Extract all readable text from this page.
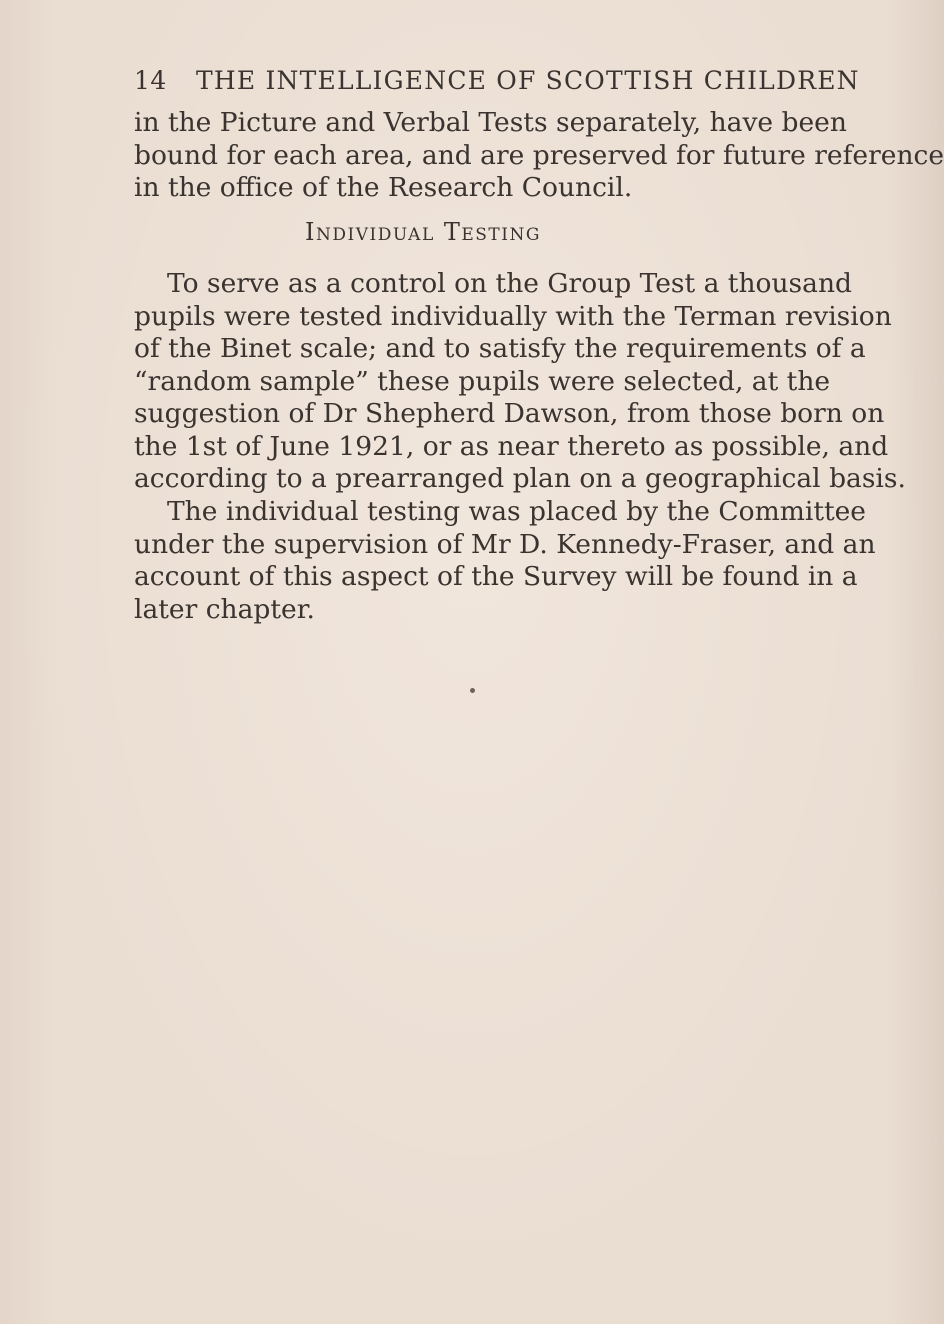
14	THE INTELLIGENCE OF SCOTTISH CHILDREN
in the Picture and Verbal Tests separately, have been
bound for each area, and are preserved for future reference
in the office of the Research Council.
Individual Testing
To serve as a control on the Group Test a thousand
pupils were tested individually with the Terman revision
of the Binet scale; and to satisfy the requirements of a
“random sample” these pupils were selected, at the
suggestion of Dr Shepherd Dawson, from those born on
the 1st of June 1921, or as near thereto as possible, and
according to a prearranged plan on a geographical basis.
The individual testing was placed by the Committee
under the supervision of Mr D. Kennedy-Fraser, and an
account of this aspect of the Survey will be found in a
later chapter.
